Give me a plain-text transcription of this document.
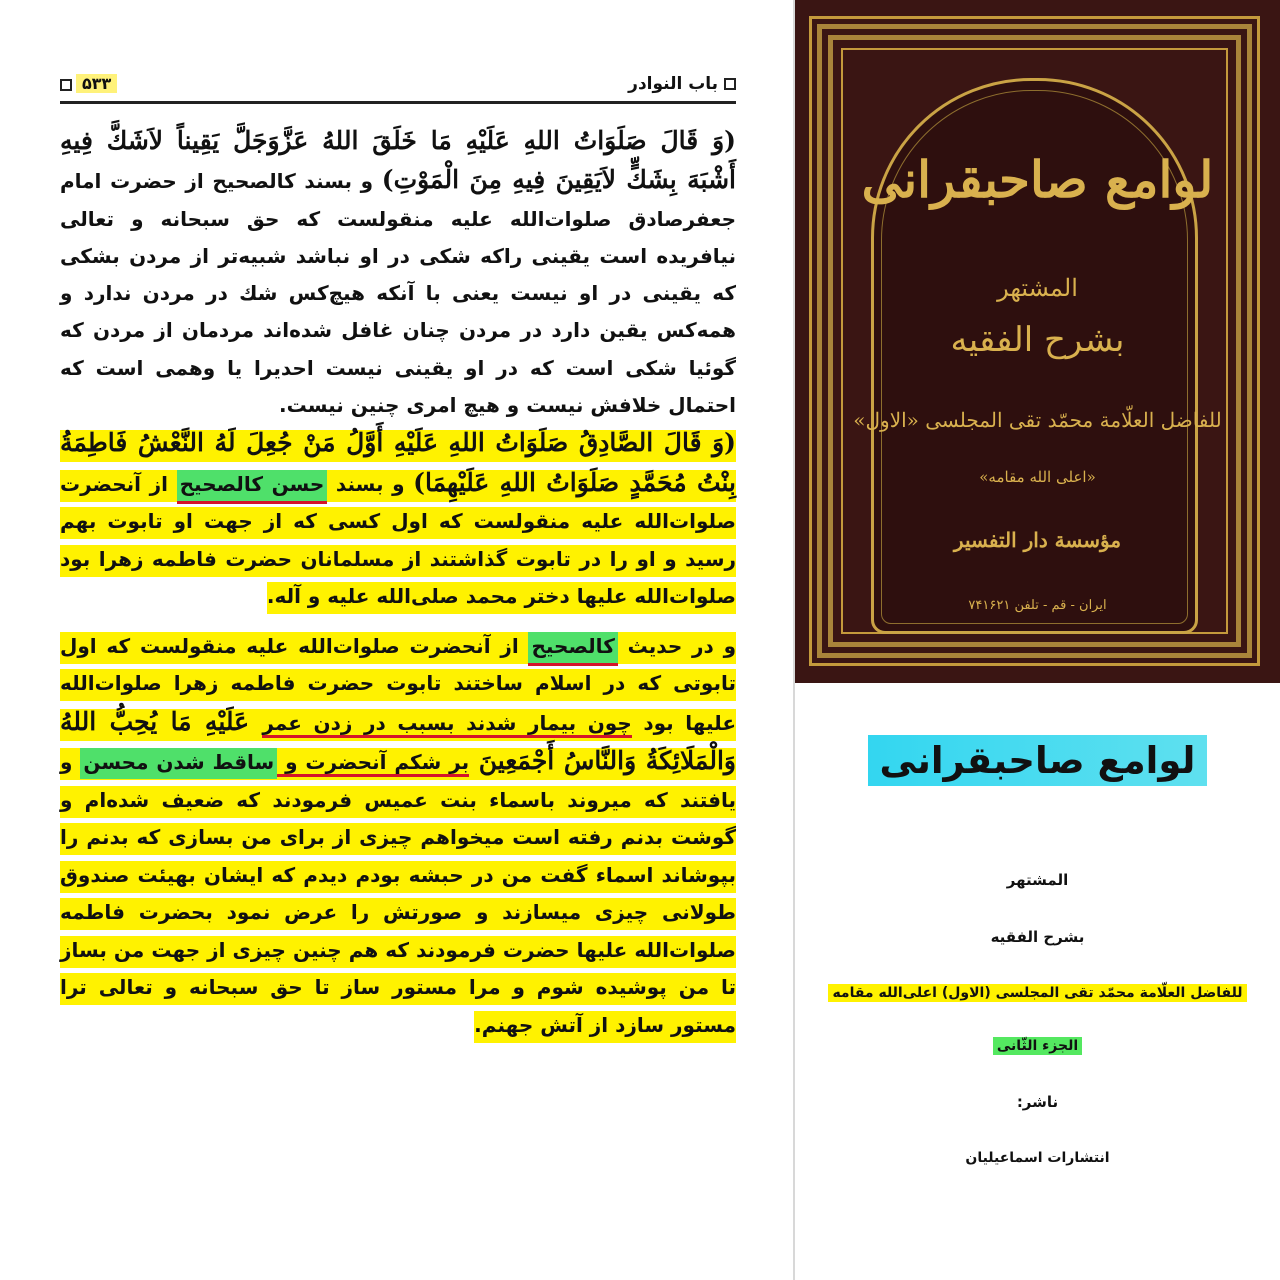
۵۳۳	باب النوادر

(وَ قَالَ صَلَوَاتُ اللهِ عَلَيْهِ مَا خَلَقَ اللهُ عَزَّوَجَلَّ يَقِيناً لاَشَكَّ فِيهِ أَشْبَهَ بِشَكٍّ لاَيَقِينَ فِيهِ مِنَ الْمَوْتِ) و بسند كالصحيح از حضرت امام جعفرصادق صلوات‌الله عليه منقولست كه حق سبحانه و تعالى نيافريده است يقينى راكه شكى در او نباشد شبيه‌تر از مردن بشكى كه يقينى در او نيست يعنى با آنكه هيچ‌كس شك در مردن ندارد و همه‌كس يقين دارد در مردن چنان غافل شده‌اند مردمان از مردن كه گوئيا شكى است كه در او يقينى نيست احديرا يا وهمى است كه احتمال خلافش نيست و هيچ امرى چنين نيست.

(وَ قَالَ الصَّادِقُ صَلَوَاتُ اللهِ عَلَيْهِ أَوَّلُ مَنْ جُعِلَ لَهُ النَّعْشُ فَاطِمَةُ بِنْتُ مُحَمَّدٍ صَلَوَاتُ اللهِ عَلَيْهِمَا) و بسند حسن كالصحيح از آنحضرت صلوات‌الله عليه منقولست كه اول كسى كه از جهت او تابوت بهم رسيد و او را در تابوت گذاشتند از مسلمانان حضرت فاطمه زهرا بود صلوات‌الله عليها دختر محمد صلى‌الله عليه و آله.

و در حديث كالصحيح از آنحضرت صلوات‌الله عليه منقولست كه اول تابوتى كه در اسلام ساختند تابوت حضرت فاطمه زهرا صلوات‌الله عليها بود چون بيمار شدند بسبب در زدن عمر عَلَيْهِ مَا يُحِبُّ اللهُ وَالْمَلَائِكَةُ وَالنَّاسُ أَجْمَعِينَ بر شكم آنحضرت و ساقط شدن محسن و يافتند كه ميروند باسماء بنت عميس فرمودند كه ضعيف شده‌ام و گوشت بدنم رفته است ميخواهم چيزى از براى من بسازى كه بدنم را بپوشاند اسماء گفت من در حبشه بودم ديدم كه ايشان بهيئت صندوق طولانى چيزى ميسازند و صورتش را عرض نمود بحضرت فاطمه صلوات‌الله عليها حضرت فرمودند كه هم چنين چيزى از جهت من بساز تا من پوشيده شوم و مرا مستور ساز تا حق سبحانه و تعالى ترا مستور سازد از آتش جهنم.

لوامع صاحبقرانى
المشتهر
بشرح الفقيه
للفاضل العلّامة محمّد تقى المجلسى «الاول»
«اعلى الله مقامه»
مؤسسة دار التفسير
ايران - قم - تلفن ۷۴۱۶۲۱
لوامع صاحبقرانى
المشتهر
بشرح الفقيه
للفاضل العلّامة محمّد تقى المجلسى (الاول) اعلى‌الله مقامه
الجزء الثّانى
ناشر:
انتشارات اسماعيليان
